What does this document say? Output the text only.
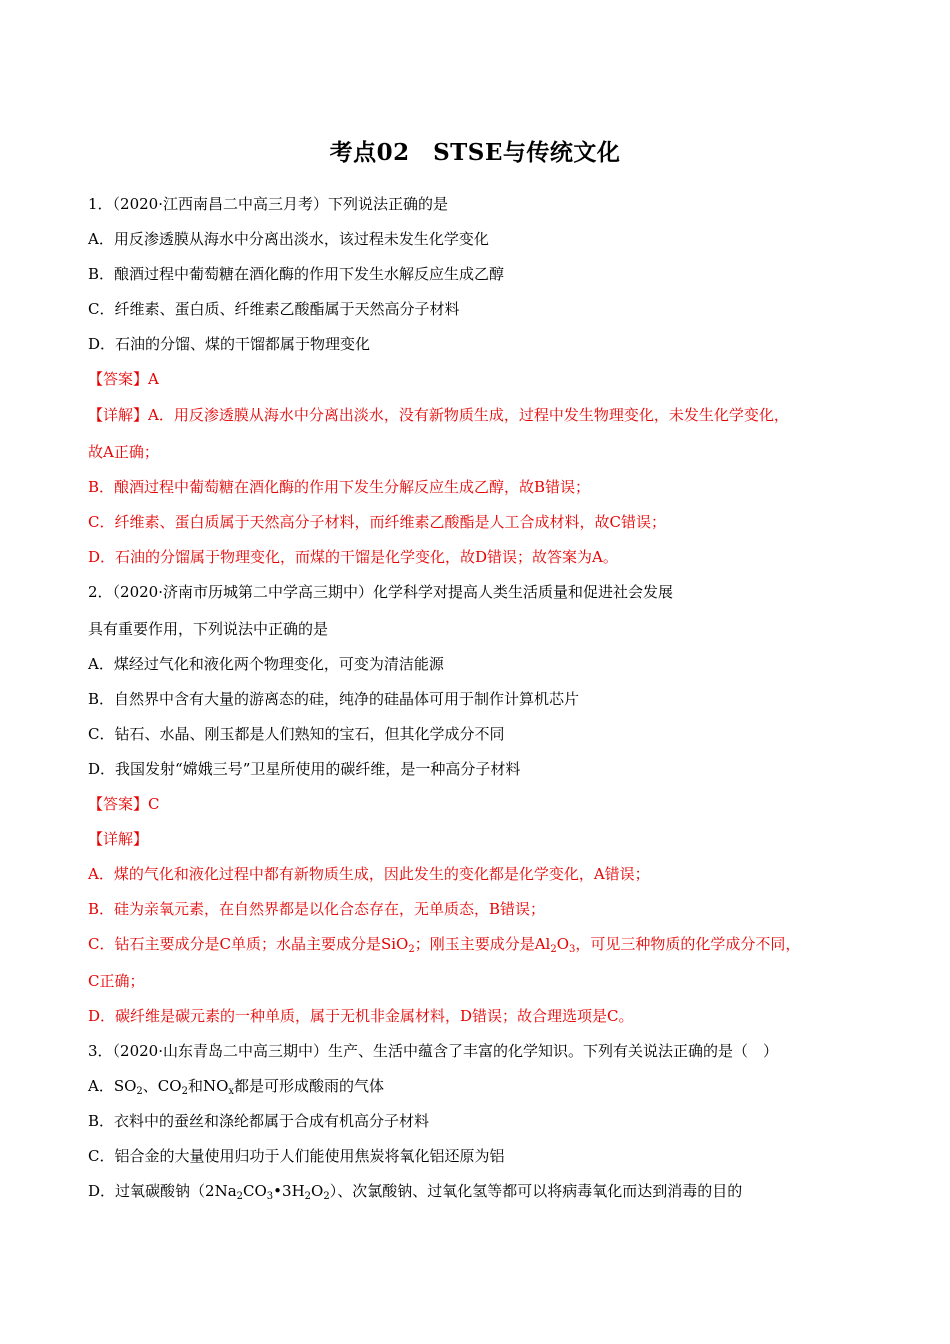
考点02　STSE与传统文化
1．（2020·江西南昌二中高三月考）下列说法正确的是
A．用反渗透膜从海水中分离出淡水，该过程未发生化学变化
B．酿酒过程中葡萄糖在酒化酶的作用下发生水解反应生成乙醇
C．纤维素、蛋白质、纤维素乙酸酯属于天然高分子材料
D．石油的分馏、煤的干馏都属于物理变化
【答案】A
【详解】A．用反渗透膜从海水中分离出淡水，没有新物质生成，过程中发生物理变化，未发生化学变化，
故A正确；
B．酿酒过程中葡萄糖在酒化酶的作用下发生分解反应生成乙醇，故B错误；
C．纤维素、蛋白质属于天然高分子材料，而纤维素乙酸酯是人工合成材料，故C错误；
D．石油的分馏属于物理变化，而煤的干馏是化学变化，故D错误；故答案为A。
2．（2020·济南市历城第二中学高三期中）化学科学对提高人类生活质量和促进社会发展
具有重要作用，下列说法中正确的是
A．煤经过气化和液化两个物理变化，可变为清洁能源
B．自然界中含有大量的游离态的硅，纯净的硅晶体可用于制作计算机芯片
C．钻石、水晶、刚玉都是人们熟知的宝石，但其化学成分不同
D．我国发射“嫦娥三号”卫星所使用的碳纤维，是一种高分子材料
【答案】C
【详解】
A．煤的气化和液化过程中都有新物质生成，因此发生的变化都是化学变化，A错误；
B．硅为亲氧元素，在自然界都是以化合态存在，无单质态，B错误；
C．钻石主要成分是C单质；水晶主要成分是SiO$_2$；刚玉主要成分是$Al_2O_3$，可见三种物质的化学成分不同，
C正确；
D．碳纤维是碳元素的一种单质，属于无机非金属材料，D错误；故合理选项是C。
3．（2020·山东青岛二中高三期中）生产、生活中蕴含了丰富的化学知识。下列有关说法正确的是（　）
A．$SO_2$、$CO_2$和$NO_x$都是可形成酸雨的气体
B．衣料中的蚕丝和涤纶都属于合成有机高分子材料
C．铝合金的大量使用归功于人们能使用焦炭将氧化铝还原为铝
D．过氧碳酸钠$(2Na_2CO_3•3H_2O_2)$、次氯酸钠、过氧化氢等都可以将病毒氧化而达到消毒的目的
